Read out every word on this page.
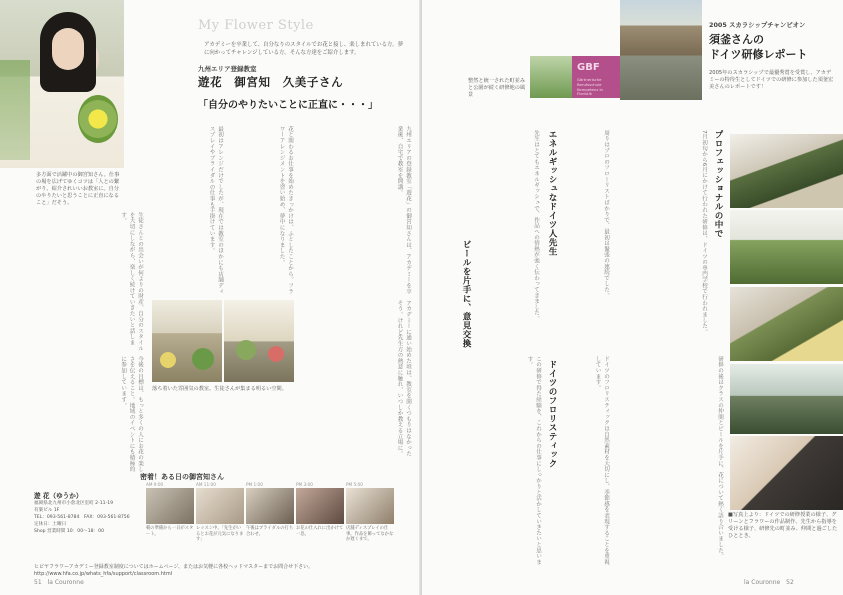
My Flower Style
アカデミーを卒業して、自分なりのスタイルでお花と接し、楽しまれている方。夢に向かってチャレンジしている方。そんな方達をご紹介します。
九州エリア登録教室
遊花　御宮知　久美子さん
「自分のやりたいことに正直に・・・」
多方面で活躍中の御宮知さん。仕事の場を広げてゆくコツは「人との繋がり。紹介されいいお教室に。自分のやりたいと思うことに正直になること」だそう。	九州エリアの登録教室「遊花」の御宮知さんは、アカデミーを卒業後、自宅で教室を開講。
花と関わるお仕事を始めたきっかけは、ふとしたことから。フラワーアレンジメントを習い始め、夢中になりました。
最初はアレンジだけでしたが、現在では教室のほかにも店舗ディスプレイやブライダルの仕事も手掛けています。
アカデミーに通い始めた頃は、教室を開くつもりはなかったそう。けれど先生方の熱意に触れ、いつしか教える立場に。
生徒さんとの出会いが何よりの財産。自分のスタイルを大切にしながら、楽しく続けていきたいと話します。
今後の目標は、もっと多くの人にお花の楽しさを伝えること。地域のイベントにも積極的に参加しています。	落ち着いた雰囲気の教室。生徒さんが集まる明るい空間。
密着！ある日の御宮知さん
AM 9:00
朝の準備から一日がスタート。
AM 11:00
レッスン中。「先生がいるとお花が元気になります」
PM 1:00
午後はブライダルの打ち合わせ。
PM 3:00
お花の仕入れに出かけて一息。
PM 5:00
店舗ディスプレイの仕事。作品を飾ってなかなか遅くまで。
遊 花（ゆうか）
福岡県北九州市小倉北区室町 2-11-19
有楽ビル 1F
TEL：093-561-8784　FAX：093-561-8756
定休日：土曜日
Shop 営業時間 10：00～18：00
ヒビヤフラワーアカデミー登録教室制度についてはホームページ、またはお気軽に各校ヘッドマスターまでお問合せ下さい。　http://www.hfa.co.jp/whats_hfa/support/classroom.html
51 la Couronne
GBF
Gärtnerische Berufsschule Kompetenz in Floristik
整然と統一された町並みと公園が続く研修地の風景
2005 スカラシップチャンピオン
須釜さんの
ドイツ研修レポート
2005年のスカラシップで最優秀賞を受賞し、アカデミーの特待生としてドイツでの研修に参加した須釜宏美さんのレポートです！
プロフェッショナルの中で
エネルギッシュなドイツ人先生
ビールを片手に、意見交換
ドイツのフロリスティック
7月初旬から6月にかけて行われた研修は、ドイツの専門学校で行われました。
周りはプロのフローリストばかりで、最初は緊張の連続でした。
先生はとてもエネルギッシュで、作品への情熱が強く伝わってきました。
研修の後はクラスの仲間とビールを片手に、花について熱く語り合いました。
ドイツのフロリスティックは自然素材を大切にし、季節感を表現することを重視しています。
この研修で得た経験を、これからの仕事にしっかりと活かしていきたいと思います。
■写真上より：ドイツでの研修授業の様子、グリーンとフラワーの作品制作、先生から指導を受ける様子、研修先の町並み、仲間と過ごしたひととき。
la Couronne 52
